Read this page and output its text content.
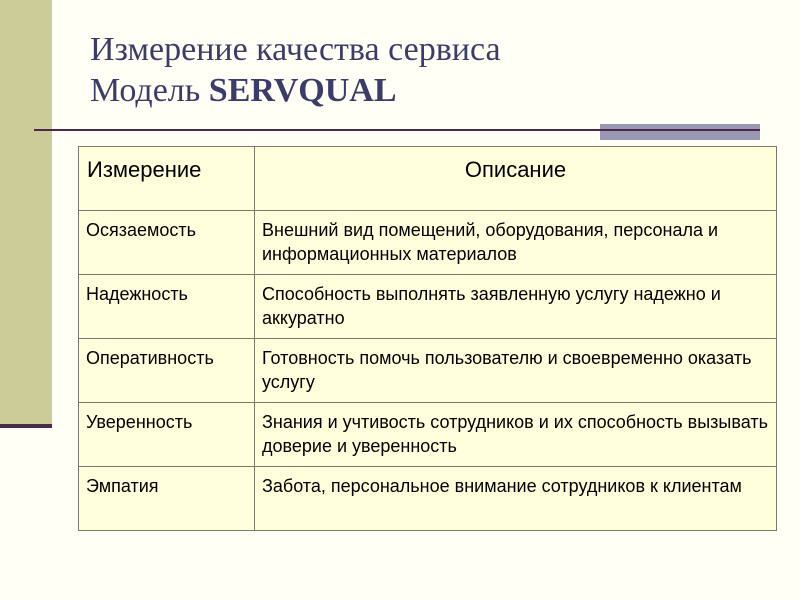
Измерение качества сервиса
Модель SERVQUAL
Измерение	Описание
Осязаемость	Внешний вид помещений, оборудования, персонала и информационных материалов
Надежность	Способность выполнять заявленную услугу надежно и аккуратно
Оперативность	Готовность помочь пользователю и своевременно оказать услугу
Уверенность	Знания и учтивость сотрудников и их способность вызывать доверие и уверенность
Эмпатия	Забота, персональное внимание сотрудников к клиентам
